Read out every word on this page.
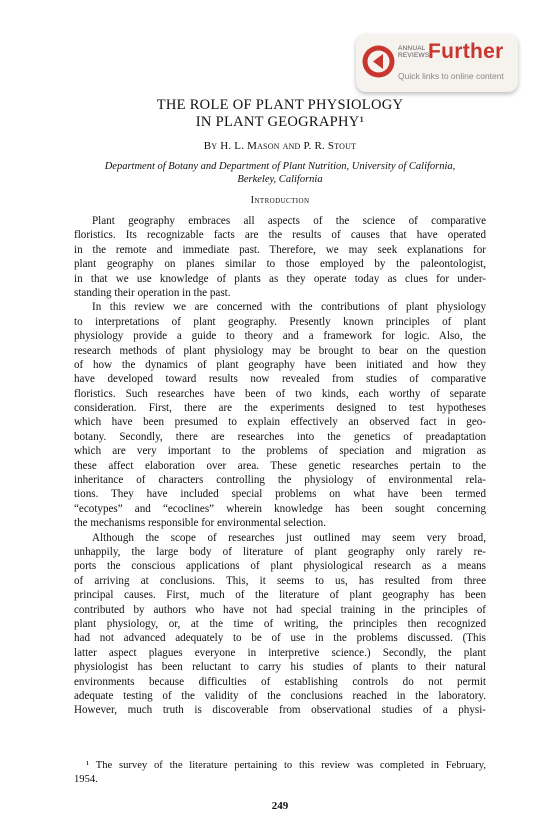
ANNUAL
REVIEWS
Further
Quick links to online content
THE ROLE OF PLANT PHYSIOLOGY
IN PLANT GEOGRAPHY¹
By H. L. Mason and P. R. Stout
Department of Botany and Department of Plant Nutrition, University of California,
Berkeley, California
Introduction
Plant geography embraces all aspects of the science of comparative
floristics. Its recognizable facts are the results of causes that have operated
in the remote and immediate past. Therefore, we may seek explanations for
plant geography on planes similar to those employed by the paleontologist,
in that we use knowledge of plants as they operate today as clues for under-
standing their operation in the past.
In this review we are concerned with the contributions of plant physiology
to interpretations of plant geography. Presently known principles of plant
physiology provide a guide to theory and a framework for logic. Also, the
research methods of plant physiology may be brought to bear on the question
of how the dynamics of plant geography have been initiated and how they
have developed toward results now revealed from studies of comparative
floristics. Such researches have been of two kinds, each worthy of separate
consideration. First, there are the experiments designed to test hypotheses
which have been presumed to explain effectively an observed fact in geo-
botany. Secondly, there are researches into the genetics of preadaptation
which are very important to the problems of speciation and migration as
these affect elaboration over area. These genetic researches pertain to the
inheritance of characters controlling the physiology of environmental rela-
tions. They have included special problems on what have been termed
“ecotypes” and “ecoclines” wherein knowledge has been sought concerning
the mechanisms responsible for environmental selection.
Although the scope of researches just outlined may seem very broad,
unhappily, the large body of literature of plant geography only rarely re-
ports the conscious applications of plant physiological research as a means
of arriving at conclusions. This, it seems to us, has resulted from three
principal causes. First, much of the literature of plant geography has been
contributed by authors who have not had special training in the principles of
plant physiology, or, at the time of writing, the principles then recognized
had not advanced adequately to be of use in the problems discussed. (This
latter aspect plagues everyone in interpretive science.) Secondly, the plant
physiologist has been reluctant to carry his studies of plants to their natural
environments because difficulties of establishing controls do not permit
adequate testing of the validity of the conclusions reached in the laboratory.
However, much truth is discoverable from observational studies of a physi-
¹ The survey of the literature pertaining to this review was completed in February,
1954.
249
